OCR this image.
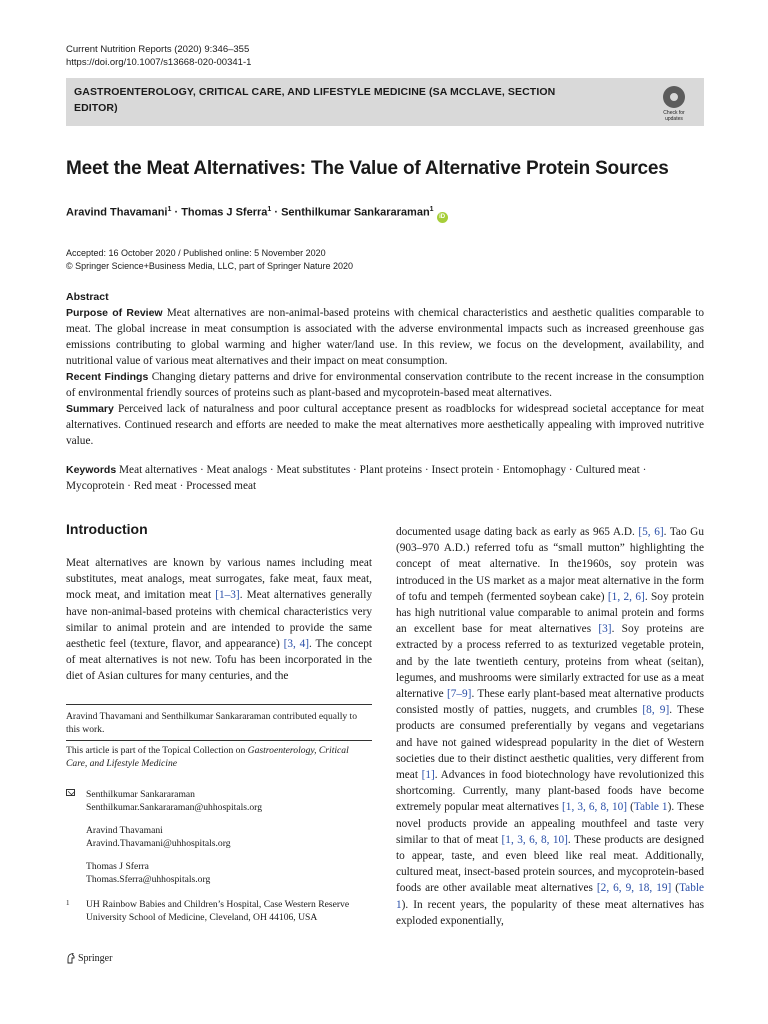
Current Nutrition Reports (2020) 9:346–355
https://doi.org/10.1007/s13668-020-00341-1
GASTROENTEROLOGY, CRITICAL CARE, AND LIFESTYLE MEDICINE (SA MCCLAVE, SECTION
EDITOR)	Check for
updates
Meet the Meat Alternatives: The Value of Alternative Protein Sources
Aravind Thavamani$^1$ · Thomas J Sferra$^1$ · Senthilkumar Sankararaman$^1$iD
Accepted: 16 October 2020 / Published online: 5 November 2020
© Springer Science+Business Media, LLC, part of Springer Nature 2020

Abstract

Purpose of Review Meat alternatives are non-animal-based proteins with chemical characteristics and aesthetic qualities comparable to meat. The global increase in meat consumption is associated with the adverse environmental impacts such as increased greenhouse gas emissions contributing to global warming and higher water/land use. In this review, we focus on the development, availability, and nutritional value of various meat alternatives and their impact on meat consumption.

Recent Findings Changing dietary patterns and drive for environmental conservation contribute to the recent increase in the consumption of environmental friendly sources of proteins such as plant-based and mycoprotein-based meat alternatives.

Summary Perceived lack of naturalness and poor cultural acceptance present as roadblocks for widespread societal acceptance for meat alternatives. Continued research and efforts are needed to make the meat alternatives more aesthetically appealing with improved nutritive value.

Keywords Meat alternatives · Meat analogs · Meat substitutes · Plant proteins · Insect protein · Entomophagy · Cultured meat · Mycoprotein · Red meat · Processed meat
Introduction

Meat alternatives are known by various names including meat substitutes, meat analogs, meat surrogates, fake meat, faux meat, mock meat, and imitation meat [1–3]. Meat alternatives generally have non-animal-based proteins with chemical characteristics very similar to animal protein and are intended to provide the same aesthetic feel (texture, flavor, and appearance) [3, 4]. The concept of meat alternatives is not new. Tofu has been incorporated in the diet of Asian cultures for many centuries, and the

Aravind Thavamani and Senthilkumar Sankararaman contributed equally to this work.
This article is part of the Topical Collection on Gastroenterology, Critical Care, and Lifestyle Medicine
Senthilkumar Sankararaman
Senthilkumar.Sankararaman@uhhospitals.org
Aravind Thavamani
Aravind.Thavamani@uhhospitals.org
Thomas J Sferra
Thomas.Sferra@uhhospitals.org
1 UH Rainbow Babies and Children’s Hospital, Case Western Reserve
University School of Medicine, Cleveland, OH 44106, USA
Springer

documented usage dating back as early as 965 A.D. [5, 6]. Tao Gu (903–970 A.D.) referred tofu as “small mutton” highlighting the concept of meat alternative. In the1960s, soy protein was introduced in the US market as a major meat alternative in the form of tofu and tempeh (fermented soybean cake) [1, 2, 6]. Soy protein has high nutritional value comparable to animal protein and forms an excellent base for meat alternatives [3]. Soy proteins are extracted by a process referred to as texturized vegetable protein, and by the late twentieth century, proteins from wheat (seitan), legumes, and mushrooms were similarly extracted for use as a meat alternative [7–9]. These early plant-based meat alternative products consisted mostly of patties, nuggets, and crumbles [8, 9]. These products are consumed preferentially by vegans and vegetarians and have not gained widespread popularity in the diet of Western societies due to their distinct aesthetic qualities, very different from meat [1]. Advances in food biotechnology have revolutionized this shortcoming. Currently, many plant-based foods have become extremely popular meat alternatives [1, 3, 6, 8, 10] (Table 1). These novel products provide an appealing mouthfeel and taste very similar to that of meat [1, 3, 6, 8, 10]. These products are designed to appear, taste, and even bleed like real meat. Additionally, cultured meat, insect-based protein sources, and mycoprotein-based foods are other available meat alternatives [2, 6, 9, 18, 19] (Table 1). In recent years, the popularity of these meat alternatives has exploded exponentially,
